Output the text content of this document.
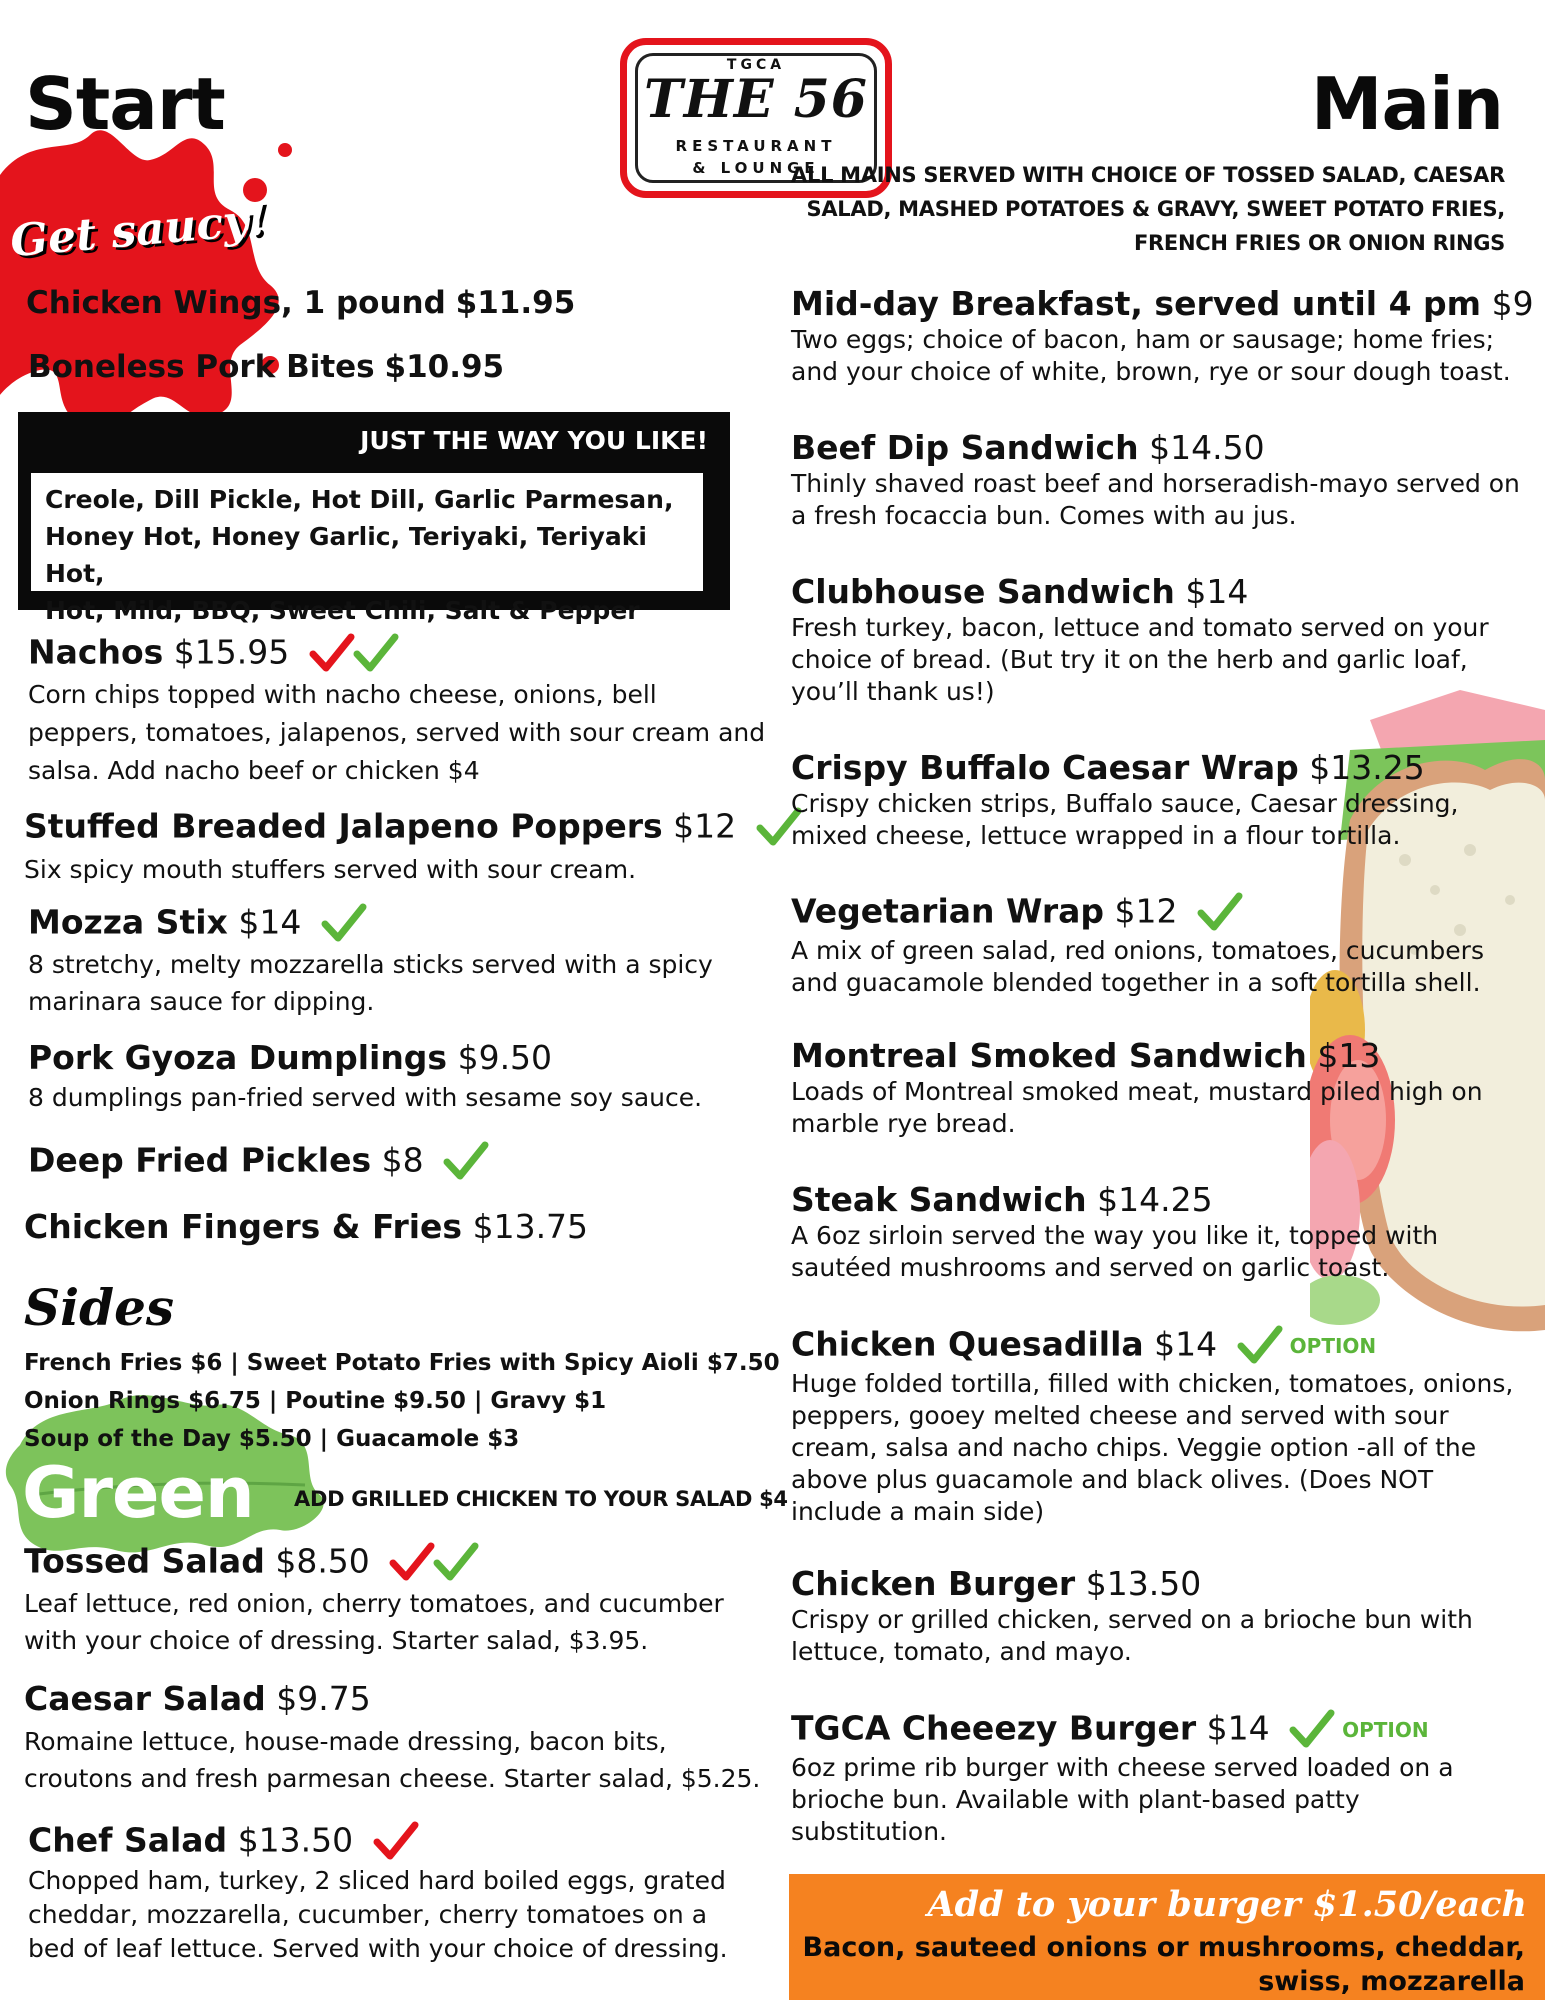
TGCA
THE 56
RESTAURANT
& LOUNGE
Start
Get saucy!
Chicken Wings, 1 pound $11.95
Boneless Pork Bites $10.95
JUST THE WAY YOU LIKE!
Creole, Dill Pickle, Hot Dill, Garlic Parmesan,
Honey Hot, Honey Garlic, Teriyaki, Teriyaki Hot,
Hot, Mild, BBQ, Sweet Chili, Salt & Pepper
Nachos $15.95
Corn chips topped with nacho cheese, onions, bell peppers, tomatoes, jalapenos, served with sour cream and salsa. Add nacho beef or chicken $4
Stuffed Breaded Jalapeno Poppers $12
Six spicy mouth stuffers served with sour cream.
Mozza Stix $14
8 stretchy, melty mozzarella sticks served with a spicy marinara sauce for dipping.
Pork Gyoza Dumplings $9.50
8 dumplings pan-fried served with sesame soy sauce.
Deep Fried Pickles $8
Chicken Fingers & Fries $13.75
Sides
French Fries $6 | Sweet Potato Fries with Spicy Aioli $7.50
Onion Rings $6.75 | Poutine $9.50 | Gravy $1
Soup of the Day $5.50 | Guacamole $3
Green ADD GRILLED CHICKEN TO YOUR SALAD $4
Tossed Salad $8.50
Leaf lettuce, red onion, cherry tomatoes, and cucumber with your choice of dressing. Starter salad, $3.95.
Caesar Salad $9.75
Romaine lettuce, house-made dressing, bacon bits, croutons and fresh parmesan cheese. Starter salad, $5.25.
Chef Salad $13.50
Chopped ham, turkey, 2 sliced hard boiled eggs, grated cheddar, mozzarella, cucumber, cherry tomatoes on a bed of leaf lettuce. Served with your choice of dressing.
Main
ALL MAINS SERVED WITH CHOICE OF TOSSED SALAD, CAESAR
SALAD, MASHED POTATOES & GRAVY, SWEET POTATO FRIES,
FRENCH FRIES OR ONION RINGS
Mid-day Breakfast, served until 4 pm $9
Two eggs; choice of bacon, ham or sausage; home fries; and your choice of white, brown, rye or sour dough toast.
Beef Dip Sandwich $14.50
Thinly shaved roast beef and horseradish-mayo served on a fresh focaccia bun. Comes with au jus.
Clubhouse Sandwich $14
Fresh turkey, bacon, lettuce and tomato served on your choice of bread. (But try it on the herb and garlic loaf, you’ll thank us!)
Crispy Buffalo Caesar Wrap $13.25
Crispy chicken strips, Buffalo sauce, Caesar dressing, mixed cheese, lettuce wrapped in a flour tortilla.
Vegetarian Wrap $12
A mix of green salad, red onions, tomatoes, cucumbers and guacamole blended together in a soft tortilla shell.
Montreal Smoked Sandwich $13
Loads of Montreal smoked meat, mustard piled high on marble rye bread.
Steak Sandwich $14.25
A 6oz sirloin served the way you like it, topped with sautéed mushrooms and served on garlic toast.
Chicken Quesadilla $14	OPTION
Huge folded tortilla, filled with chicken, tomatoes, onions, peppers, gooey melted cheese and served with sour cream, salsa and nacho chips. Veggie option -all of the above plus guacamole and black olives. (Does NOT include a main side)
Chicken Burger $13.50
Crispy or grilled chicken, served on a brioche bun with lettuce, tomato, and mayo.
TGCA Cheeezy Burger $14	OPTION
6oz prime rib burger with cheese served loaded on a brioche bun. Available with plant-based patty substitution.
Add to your burger $1.50/each
Bacon, sauteed onions or mushrooms, cheddar,
swiss, mozzarella
